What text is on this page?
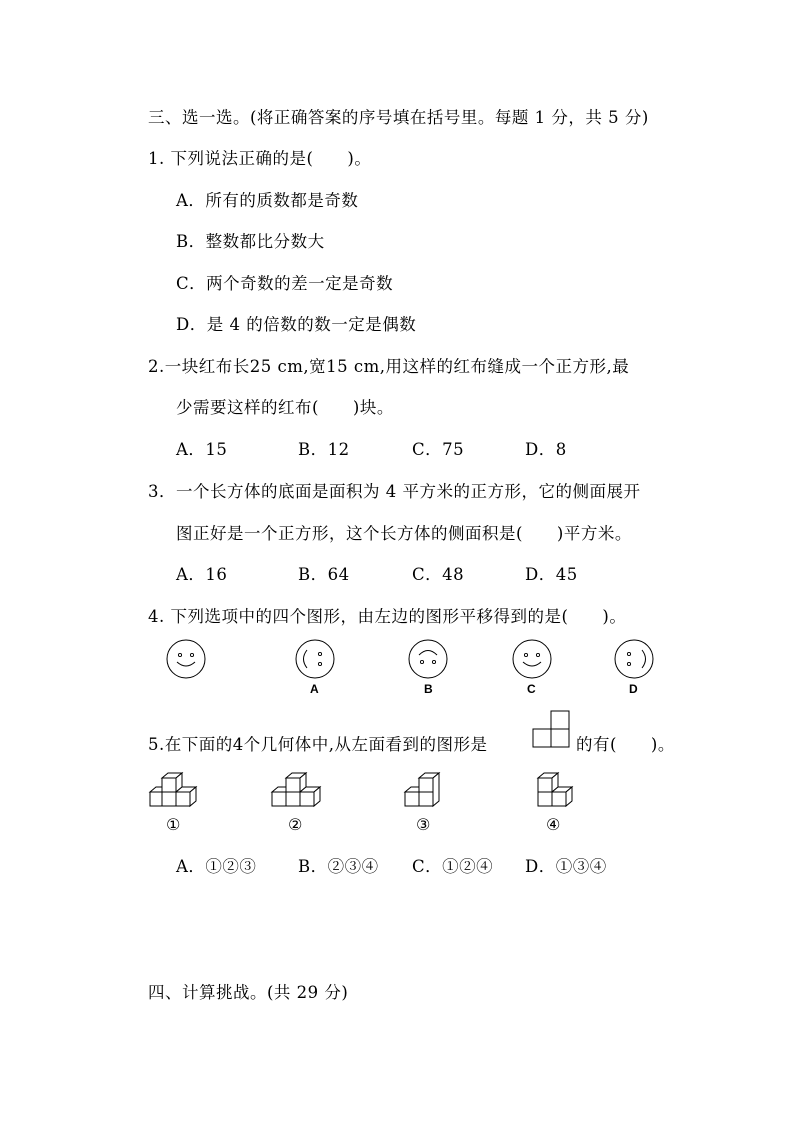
三、选一选。(将正确答案的序号填在括号里。每题 1 分，共 5 分)
1. 下列说法正确的是(　　)。
A．所有的质数都是奇数
B．整数都比分数大
C．两个奇数的差一定是奇数
D．是 4 的倍数的数一定是偶数
2.一块红布长25 cm,宽15 cm,用这样的红布缝成一个正方形,最
少需要这样的红布(　　)块。
A．15	B．12	C．75	D．8
3．一个长方体的底面是面积为 4 平方米的正方形，它的侧面展开
图正好是一个正方形，这个长方体的侧面积是(　　)平方米。
A．16	B．64	C．48	D．45
4. 下列选项中的四个图形，由左边的图形平移得到的是(　　)。
A	B	C	D
5.在下面的4个几何体中,从左面看到的图形是	的有(　　)。
①	②	③	④
A．①②③	B．②③④ C．①②④ D．①③④
四、计算挑战。(共 29 分)
